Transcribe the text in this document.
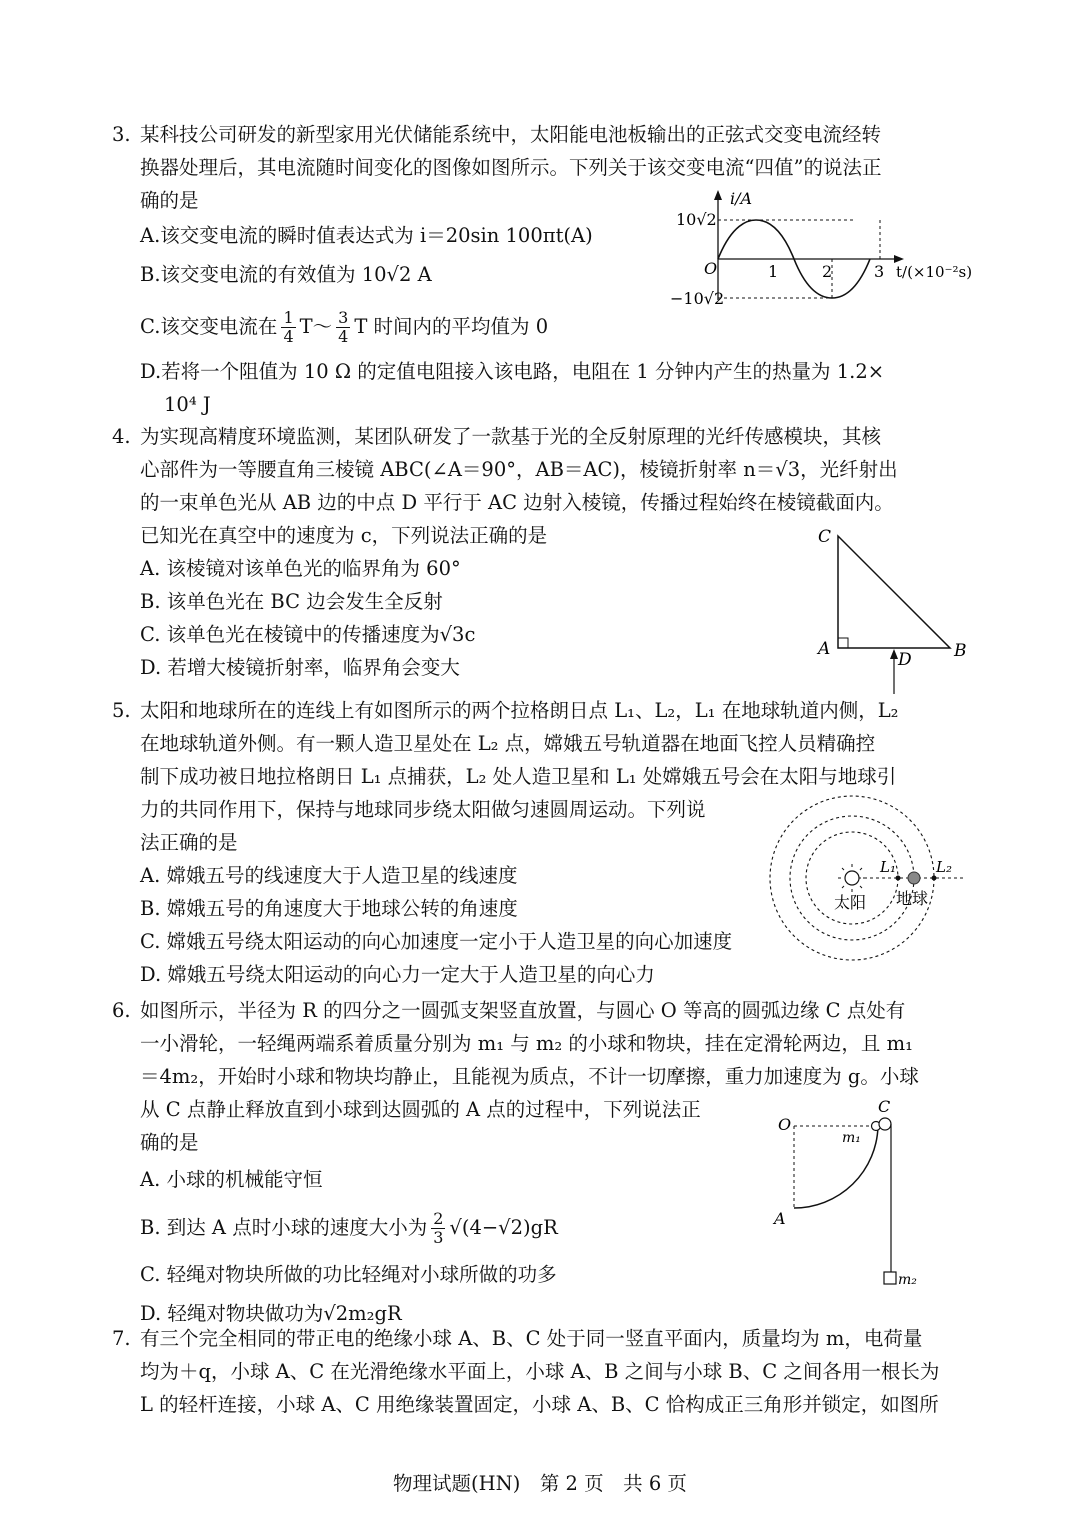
3. 某科技公司研发的新型家用光伏储能系统中，太阳能电池板输出的正弦式交变电流经转
换器处理后，其电流随时间变化的图像如图所示。下列关于该交变电流“四值”的说法正
确的是
A.该交变电流的瞬时值表达式为 i＝20sin 100πt(A)
B.该交变电流的有效值为 10√2 A
C.该交变电流在 $\frac{1}{4}$ T～ $\frac{3}{4}$ T 时间内的平均值为 0
D.若将一个阻值为 10 Ω 的定值电阻接入该电路，电阻在 1 分钟内产生的热量为 1.2×
10⁴ J
i/A
10√2
−10√2
O	1	2	3 t/(×10⁻²s)
4. 为实现高精度环境监测，某团队研发了一款基于光的全反射原理的光纤传感模块，其核
心部件为一等腰直角三棱镜 ABC(∠A＝90°，AB＝AC)，棱镜折射率 n＝√3，光纤射出
的一束单色光从 AB 边的中点 D 平行于 AC 边射入棱镜，传播过程始终在棱镜截面内。
已知光在真空中的速度为 c，下列说法正确的是
A. 该棱镜对该单色光的临界角为 60°
B. 该单色光在 BC 边会发生全反射
C. 该单色光在棱镜中的传播速度为√3c
D. 若增大棱镜折射率，临界角会变大
C
A	B
D
5. 太阳和地球所在的连线上有如图所示的两个拉格朗日点 L₁、L₂，L₁ 在地球轨道内侧，L₂
在地球轨道外侧。有一颗人造卫星处在 L₂ 点，嫦娥五号轨道器在地面飞控人员精确控
制下成功被日地拉格朗日 L₁ 点捕获，L₂ 处人造卫星和 L₁ 处嫦娥五号会在太阳与地球引
力的共同作用下，保持与地球同步绕太阳做匀速圆周运动。下列说
法正确的是
A. 嫦娥五号的线速度大于人造卫星的线速度
B. 嫦娥五号的角速度大于地球公转的角速度
C. 嫦娥五号绕太阳运动的向心加速度一定小于人造卫星的向心加速度
D. 嫦娥五号绕太阳运动的向心力一定大于人造卫星的向心力
太阳 地球
L₁	L₂
6. 如图所示，半径为 R 的四分之一圆弧支架竖直放置，与圆心 O 等高的圆弧边缘 C 点处有
一小滑轮，一轻绳两端系着质量分别为 m₁ 与 m₂ 的小球和物块，挂在定滑轮两边，且 m₁
＝4m₂，开始时小球和物块均静止，且能视为质点，不计一切摩擦，重力加速度为 g。小球
从 C 点静止释放直到小球到达圆弧的 A 点的过程中，下列说法正
确的是
A. 小球的机械能守恒
B. 到达 A 点时小球的速度大小为 $\frac{2}{3} √(4-√2)gR$
C. 轻绳对物块所做的功比轻绳对小球所做的功多
D. 轻绳对物块做功为√2m₂gR
O
C
A
m₁
m₂
7. 有三个完全相同的带正电的绝缘小球 A、B、C 处于同一竖直平面内，质量均为 m，电荷量
均为＋q，小球 A、C 在光滑绝缘水平面上，小球 A、B 之间与小球 B、C 之间各用一根长为
L 的轻杆连接，小球 A、C 用绝缘装置固定，小球 A、B、C 恰构成正三角形并锁定，如图所
物理试题(HN)　第 2 页　共 6 页
